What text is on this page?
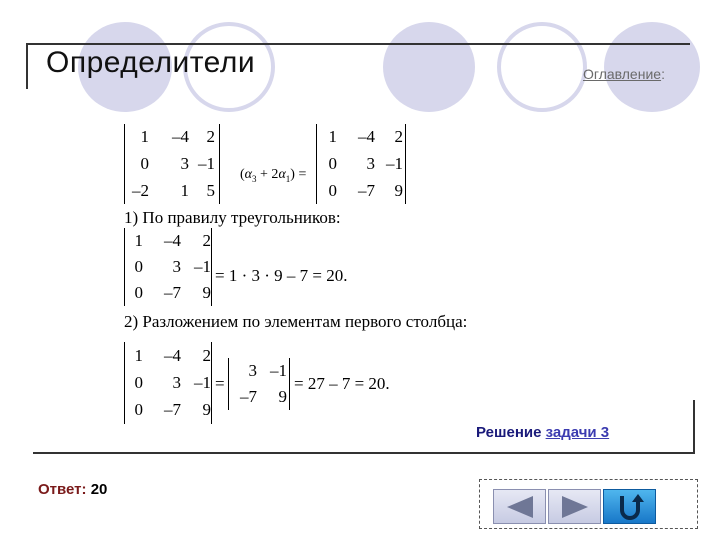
Определители	Оглавление:
1	–4	2
0	3 –1
–2	1	5
$(\alpha_3 + 2\alpha_1)$ =
1	–4	2
0	3 –1
0	–7	9
1) По правилу треугольников:
1	–4	2
0	3 –1
0	–7	9
= 1 · 3 · 9 – 7 = 20.
2) Разложением по элементам первого столбца:
1	–4	2
0	3 –1
0	–7	9
=
3 –1
–7	9
= 27 – 7 = 20.
Решение задачи 3
Ответ: 20
